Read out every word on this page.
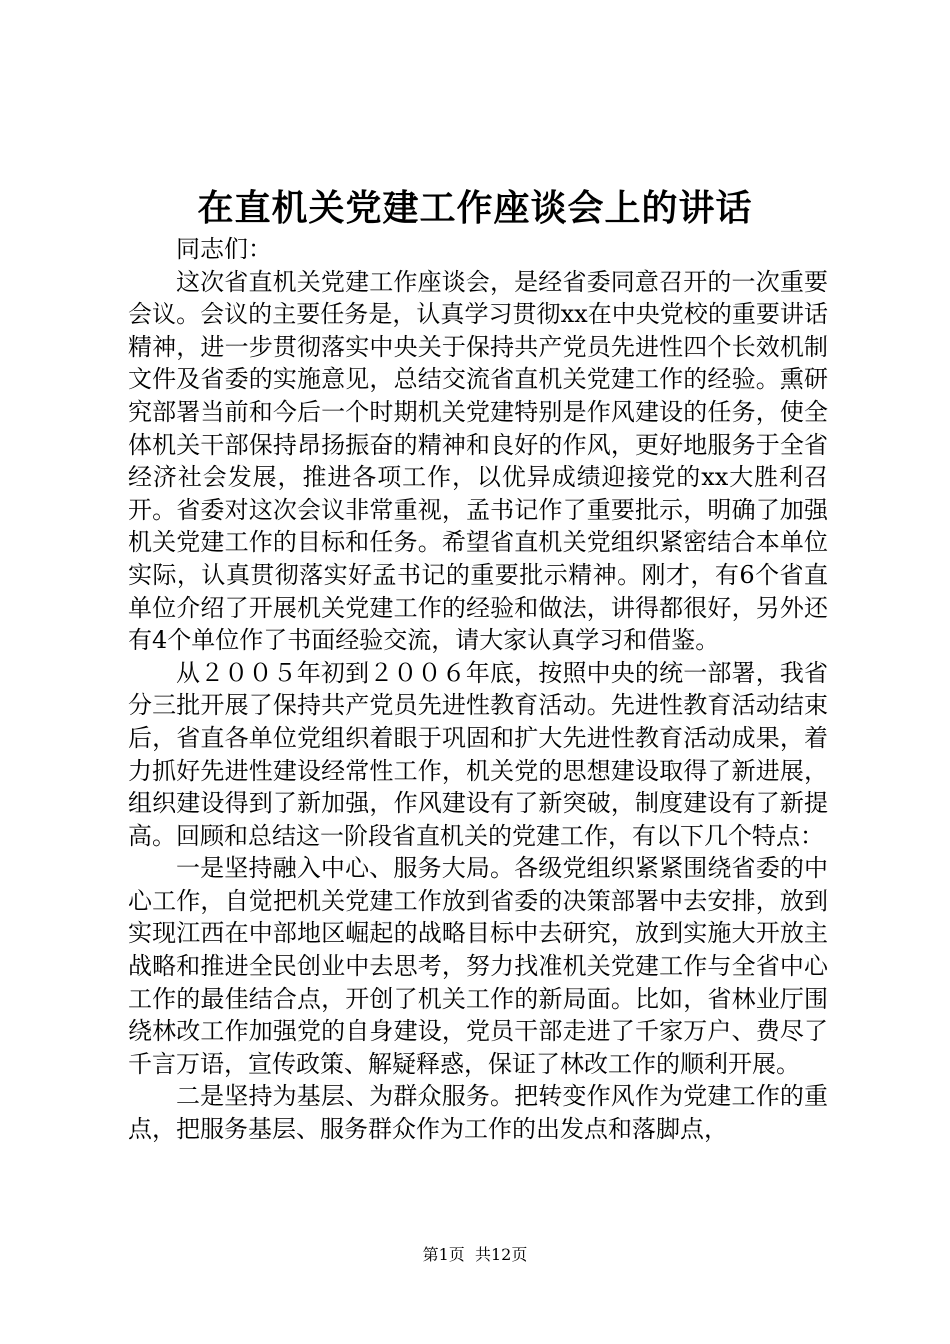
在直机关党建工作座谈会上的讲话

同志们：

这次省直机关党建工作座谈会，是经省委同意召开的一次重要会议。会议的主要任务是，认真学习贯彻xx在中央党校的重要讲话精神，进一步贯彻落实中央关于保持共产党员先进性四个长效机制文件及省委的实施意见，总结交流省直机关党建工作的经验。熏研究部署当前和今后一个时期机关党建特别是作风建设的任务，使全体机关干部保持昂扬振奋的精神和良好的作风，更好地服务于全省经济社会发展，推进各项工作，以优异成绩迎接党的xx大胜利召开。省委对这次会议非常重视，孟书记作了重要批示，明确了加强机关党建工作的目标和任务。希望省直机关党组织紧密结合本单位实际，认真贯彻落实好孟书记的重要批示精神。刚才，有6个省直单位介绍了开展机关党建工作的经验和做法，讲得都很好，另外还有4个单位作了书面经验交流，请大家认真学习和借鉴。

从２００５年初到２００６年底，按照中央的统一部署，我省分三批开展了保持共产党员先进性教育活动。先进性教育活动结束后，省直各单位党组织着眼于巩固和扩大先进性教育活动成果，着力抓好先进性建设经常性工作，机关党的思想建设取得了新进展，组织建设得到了新加强，作风建设有了新突破，制度建设有了新提高。回顾和总结这一阶段省直机关的党建工作，有以下几个特点：

一是坚持融入中心、服务大局。各级党组织紧紧围绕省委的中心工作，自觉把机关党建工作放到省委的决策部署中去安排，放到实现江西在中部地区崛起的战略目标中去研究，放到实施大开放主战略和推进全民创业中去思考，努力找准机关党建工作与全省中心工作的最佳结合点，开创了机关工作的新局面。比如，省林业厅围绕林改工作加强党的自身建设，党员干部走进了千家万户、费尽了千言万语，宣传政策、解疑释惑，保证了林改工作的顺利开展。

二是坚持为基层、为群众服务。把转变作风作为党建工作的重点，把服务基层、服务群众作为工作的出发点和落脚点，

第1页 共12页
